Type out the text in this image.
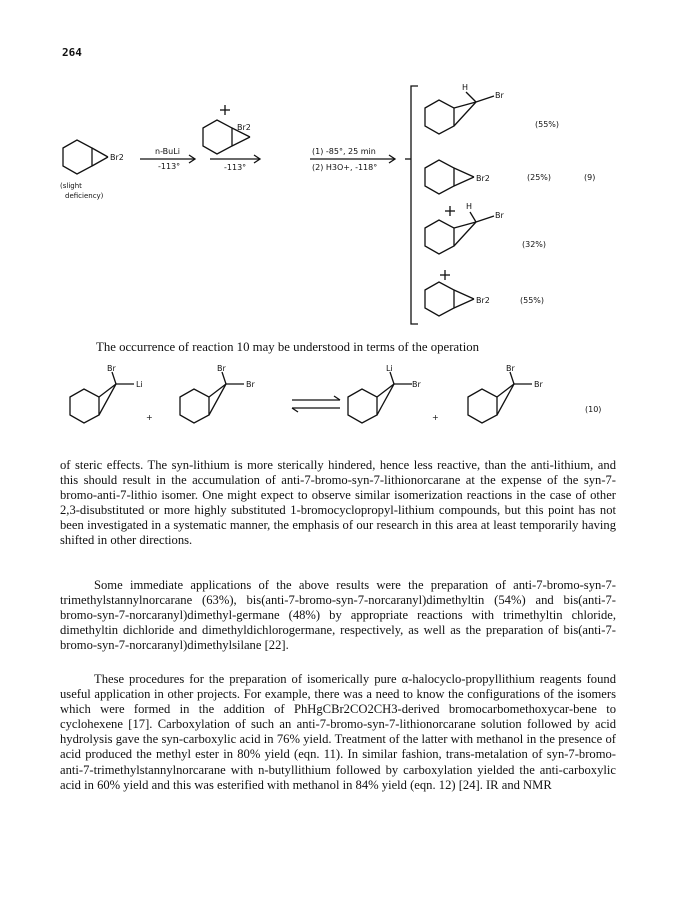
264
Br2
(slight deficiency)
n-BuLi
-113°
Br2
-113°
(1) -85°, 25 min
(2) H3O+, -118°
H
Br
(55%)
Br2	(25%)	(9)
H
Br
(32%)
Br2	(55%)

The occurrence of reaction 10 may be understood in terms of the operation

Br
Li
+
Br
Br
Li
Br
+
Br
Br
(10)

of steric effects. The syn-lithium is more sterically hindered, hence less reactive, than the anti-lithium, and this should result in the accumulation of anti-7-bromo-syn-7-lithionorcarane at the expense of the syn-7-bromo-anti-7-lithio isomer. One might expect to observe similar isomerization reactions in the case of other 2,3-disubstituted or more highly substituted 1-bromocyclopropyl-lithium compounds, but this point has not been investigated in a systematic manner, the emphasis of our research in this area at least temporarily having shifted in other directions.

Some immediate applications of the above results were the preparation of anti-7-bromo-syn-7-trimethylstannylnorcarane (63%), bis(anti-7-bromo-syn-7-norcaranyl)dimethyltin (54%) and bis(anti-7-bromo-syn-7-norcaranyl)dimethyl-germane (48%) by appropriate reactions with trimethyltin chloride, dimethyltin dichloride and dimethyldichlorogermane, respectively, as well as the preparation of bis(anti-7-bromo-syn-7-norcaranyl)dimethylsilane [22].

These procedures for the preparation of isomerically pure α-halocyclo-propyllithium reagents found useful application in other projects. For example, there was a need to know the configurations of the isomers which were formed in the addition of PhHgCBr2CO2CH3-derived bromocarbomethoxycar-bene to cyclohexene [17]. Carboxylation of such an anti-7-bromo-syn-7-lithionorcarane solution followed by acid hydrolysis gave the syn-carboxylic acid in 76% yield. Treatment of the latter with methanol in the presence of acid produced the methyl ester in 80% yield (eqn. 11). In similar fashion, trans-metalation of syn-7-bromo-anti-7-trimethylstannylnorcarane with n-butyllithium followed by carboxylation yielded the anti-carboxylic acid in 60% yield and this was esterified with methanol in 84% yield (eqn. 12) [24]. IR and NMR
